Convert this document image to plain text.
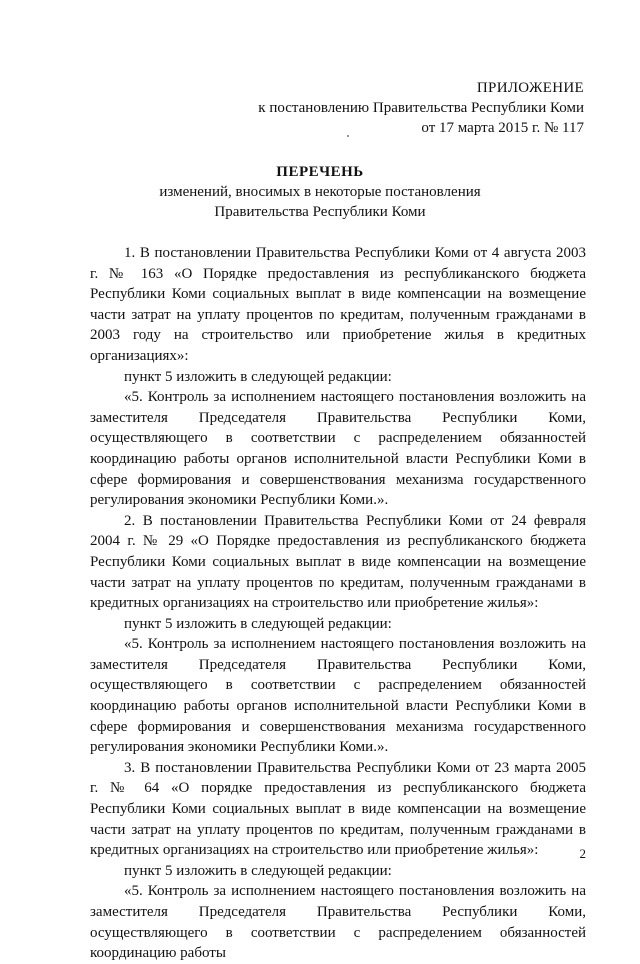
ПРИЛОЖЕНИЕ
к постановлению Правительства Республики Коми
от 17 марта 2015 г. № 117
ПЕРЕЧЕНЬ
изменений, вносимых в некоторые постановления
Правительства Республики Коми

1. В постановлении Правительства Республики Коми от 4 августа 2003 г. № 163 «О Порядке предоставления из республиканского бюджета Республики Коми социальных выплат в виде компенсации на возмещение части затрат на уплату процентов по кредитам, полученным гражданами в 2003 году на строительство или приобретение жилья в кредитных организациях»:

пункт 5 изложить в следующей редакции:

«5. Контроль за исполнением настоящего постановления возложить на заместителя Председателя Правительства Республики Коми, осуществляющего в соответствии с распределением обязанностей координацию работы органов исполнительной власти Республики Коми в сфере формирования и совершенствования механизма государственного регулирования экономики Республики Коми.».

2. В постановлении Правительства Республики Коми от 24 февраля 2004 г. № 29 «О Порядке предоставления из республиканского бюджета Республики Коми социальных выплат в виде компенсации на возмещение части затрат на уплату процентов по кредитам, полученным гражданами в кредитных организациях на строительство или приобретение жилья»:

пункт 5 изложить в следующей редакции:

«5. Контроль за исполнением настоящего постановления возложить на заместителя Председателя Правительства Республики Коми, осуществляющего в соответствии с распределением обязанностей координацию работы органов исполнительной власти Республики Коми в сфере формирования и совершенствования механизма государственного регулирования экономики Республики Коми.».

3. В постановлении Правительства Республики Коми от 23 марта 2005 г. № 64 «О порядке предоставления из республиканского бюджета Республики Коми социальных выплат в виде компенсации на возмещение части затрат на уплату процентов по кредитам, полученным гражданами в кредитных организациях на строительство или приобретение жилья»:

пункт 5 изложить в следующей редакции:

«5. Контроль за исполнением настоящего постановления возложить на заместителя Председателя Правительства Республики Коми, осуществляющего в соответствии с распределением обязанностей координацию работы

2
